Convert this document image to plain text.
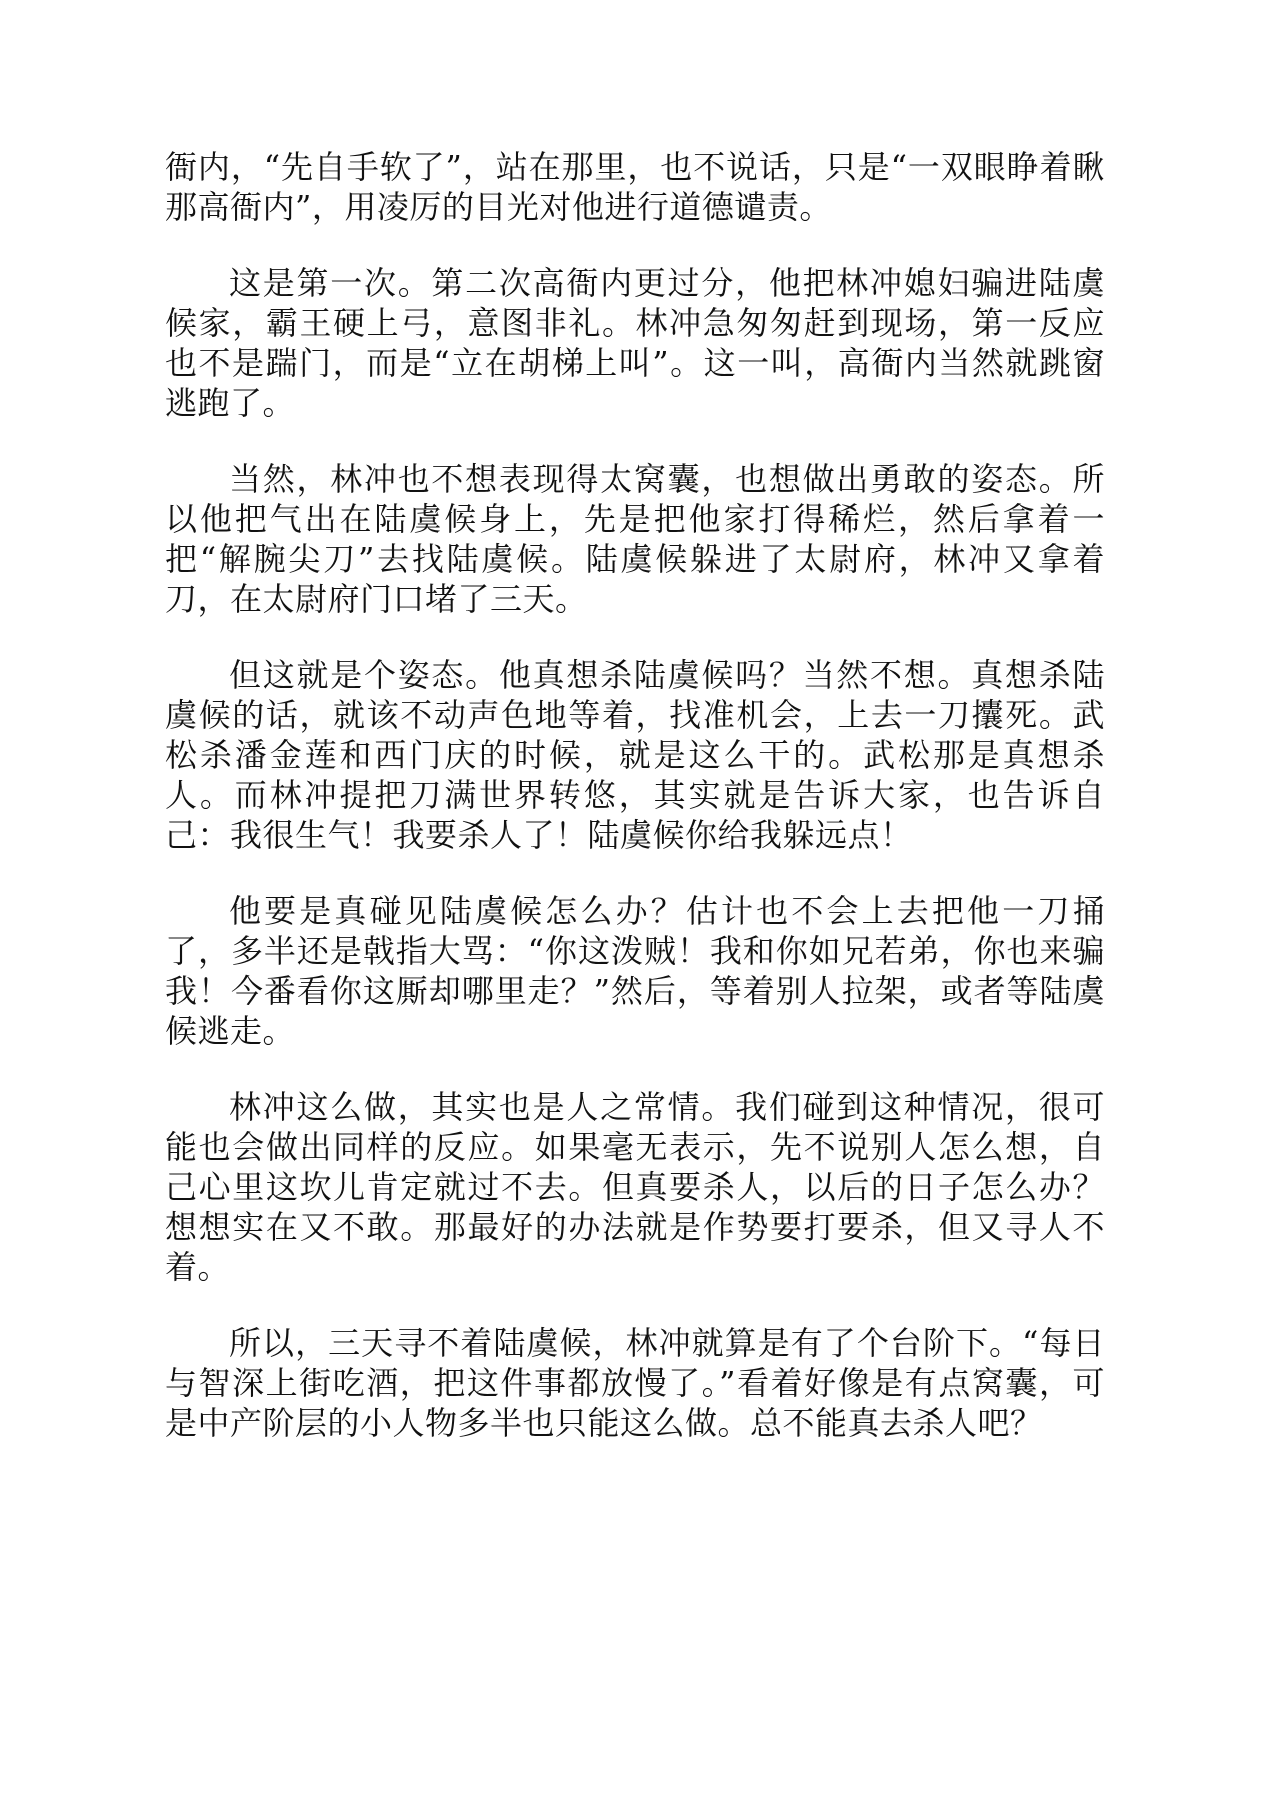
衙内，“先自手软了”，站在那里，也不说话，只是“一双眼睁着瞅那高衙内”，用凌厉的目光对他进行道德谴责。

这是第一次。第二次高衙内更过分，他把林冲媳妇骗进陆虞候家，霸王硬上弓，意图非礼。林冲急匆匆赶到现场，第一反应也不是踹门，而是“立在胡梯上叫”。这一叫，高衙内当然就跳窗逃跑了。

当然，林冲也不想表现得太窝囊，也想做出勇敢的姿态。所以他把气出在陆虞候身上，先是把他家打得稀烂，然后拿着一把“解腕尖刀”去找陆虞候。陆虞候躲进了太尉府，林冲又拿着刀，在太尉府门口堵了三天。

但这就是个姿态。他真想杀陆虞候吗？当然不想。真想杀陆虞候的话，就该不动声色地等着，找准机会，上去一刀攮死。武松杀潘金莲和西门庆的时候，就是这么干的。武松那是真想杀人。而林冲提把刀满世界转悠，其实就是告诉大家，也告诉自己：我很生气！我要杀人了！陆虞候你给我躲远点！

他要是真碰见陆虞候怎么办？估计也不会上去把他一刀捅了，多半还是戟指大骂：“你这泼贼！我和你如兄若弟，你也来骗我！今番看你这厮却哪里走？”然后，等着别人拉架，或者等陆虞候逃走。

林冲这么做，其实也是人之常情。我们碰到这种情况，很可能也会做出同样的反应。如果毫无表示，先不说别人怎么想，自己心里这坎儿肯定就过不去。但真要杀人，以后的日子怎么办？想想实在又不敢。那最好的办法就是作势要打要杀，但又寻人不着。

所以，三天寻不着陆虞候，林冲就算是有了个台阶下。“每日与智深上街吃酒，把这件事都放慢了。”看着好像是有点窝囊，可是中产阶层的小人物多半也只能这么做。总不能真去杀人吧？
